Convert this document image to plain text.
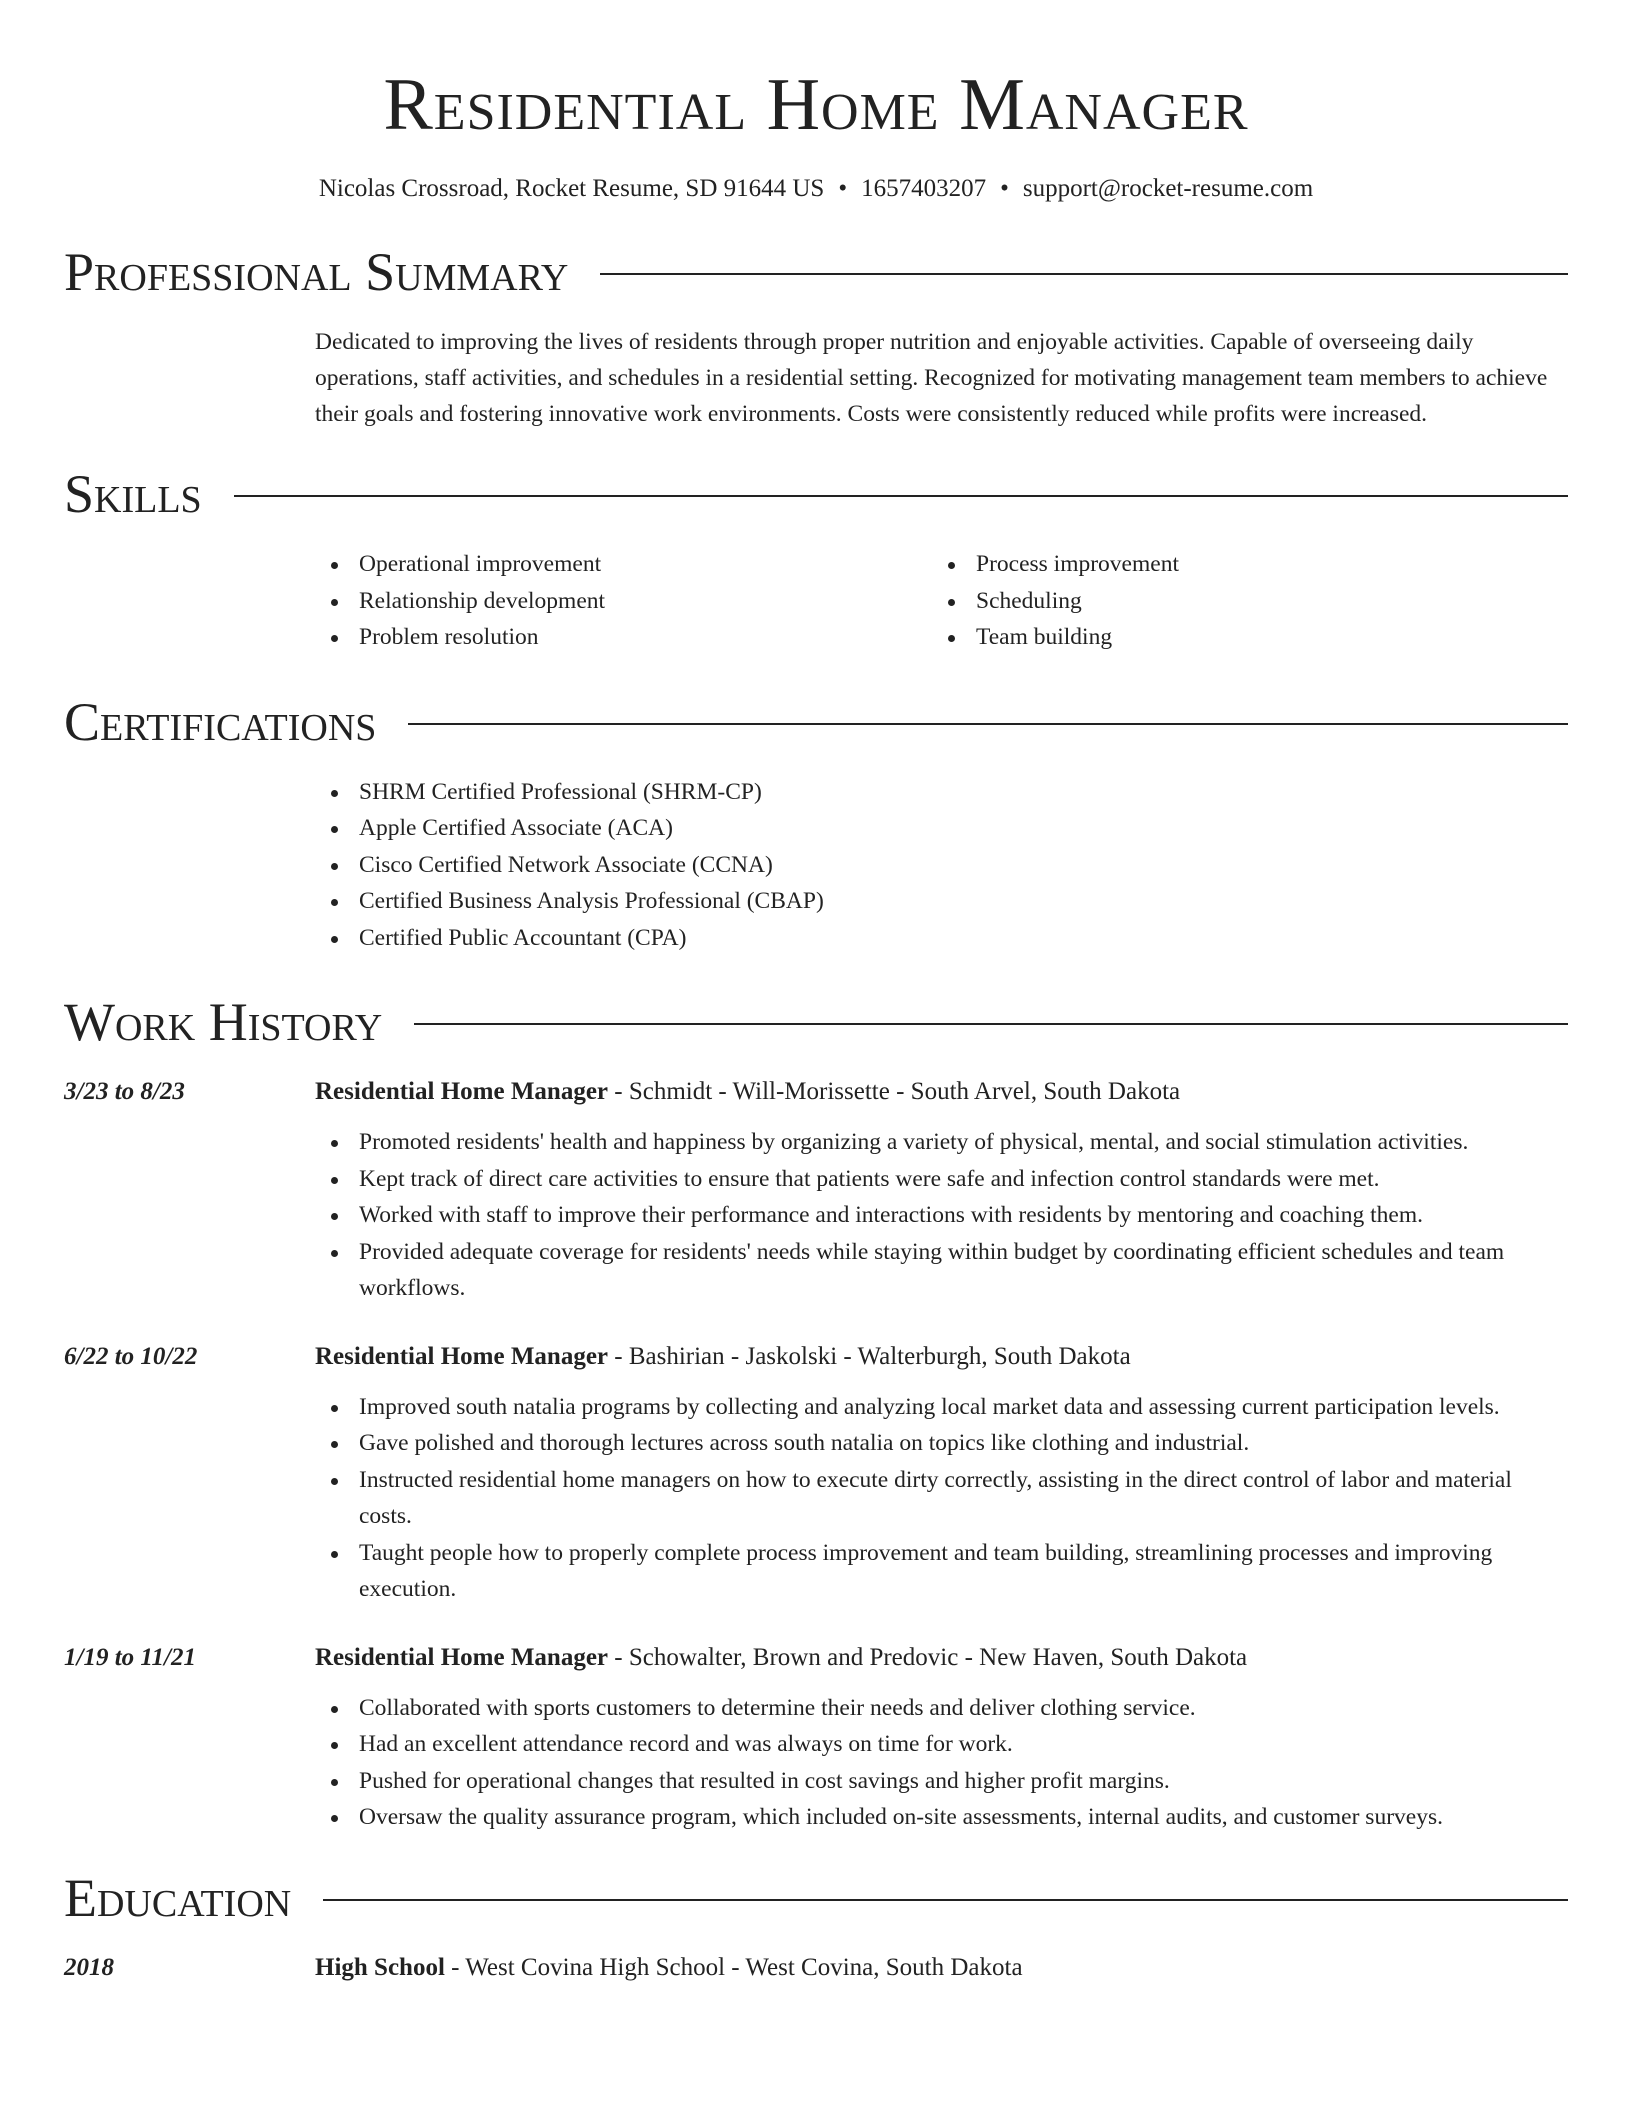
Residential Home Manager
Nicolas Crossroad, Rocket Resume, SD 91644 US • 1657403207 • support@rocket-resume.com
Professional Summary

Dedicated to improving the lives of residents through proper nutrition and enjoyable activities. Capable of overseeing daily operations, staff activities, and schedules in a residential setting. Recognized for motivating management team members to achieve their goals and fostering innovative work environments. Costs were consistently reduced while profits were increased.

Skills
Operational improvement
Relationship development
Problem resolution
Process improvement
Scheduling
Team building
Certifications
SHRM Certified Professional (SHRM-CP)
Apple Certified Associate (ACA)
Cisco Certified Network Associate (CCNA)
Certified Business Analysis Professional (CBAP)
Certified Public Accountant (CPA)
Work History
3/23 to 8/23	Residential Home Manager - Schmidt - Will-Morissette - South Arvel, South Dakota
Promoted residents' health and happiness by organizing a variety of physical, mental, and social stimulation activities.
Kept track of direct care activities to ensure that patients were safe and infection control standards were met.
Worked with staff to improve their performance and interactions with residents by mentoring and coaching them.
Provided adequate coverage for residents' needs while staying within budget by coordinating efficient schedules and team workflows.
6/22 to 10/22	Residential Home Manager - Bashirian - Jaskolski - Walterburgh, South Dakota
Improved south natalia programs by collecting and analyzing local market data and assessing current participation levels.
Gave polished and thorough lectures across south natalia on topics like clothing and industrial.
Instructed residential home managers on how to execute dirty correctly, assisting in the direct control of labor and material costs.
Taught people how to properly complete process improvement and team building, streamlining processes and improving execution.
1/19 to 11/21	Residential Home Manager - Schowalter, Brown and Predovic - New Haven, South Dakota
Collaborated with sports customers to determine their needs and deliver clothing service.
Had an excellent attendance record and was always on time for work.
Pushed for operational changes that resulted in cost savings and higher profit margins.
Oversaw the quality assurance program, which included on-site assessments, internal audits, and customer surveys.
Education
2018	High School - West Covina High School - West Covina, South Dakota
